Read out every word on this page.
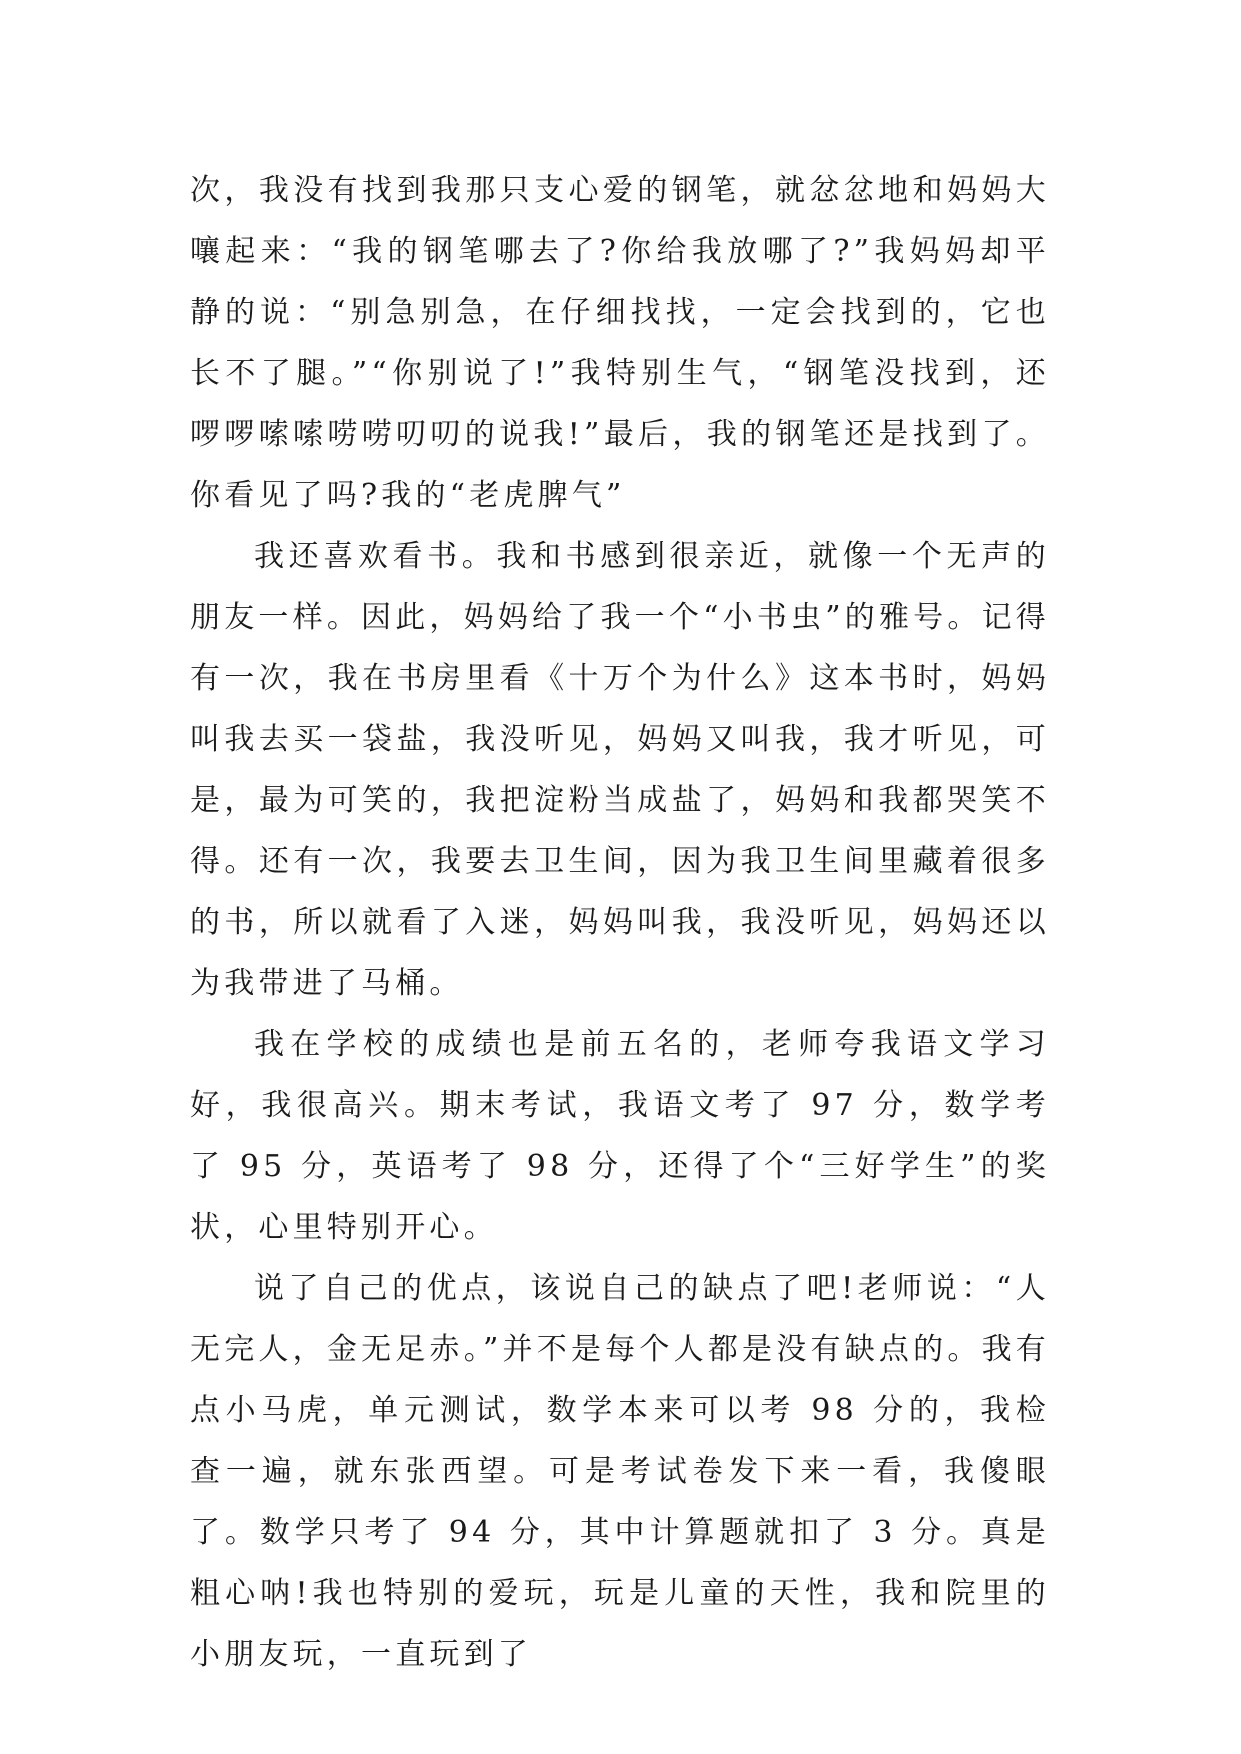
次，我没有找到我那只支心爱的钢笔，就忿忿地和妈妈大嚷起来：“我的钢笔哪去了?你给我放哪了?”我妈妈却平静的说：“别急别急，在仔细找找，一定会找到的，它也长不了腿。”“你别说了!”我特别生气，“钢笔没找到，还啰啰嗦嗦唠唠叨叨的说我!”最后，我的钢笔还是找到了。你看见了吗?我的“老虎脾气”

我还喜欢看书。我和书感到很亲近，就像一个无声的朋友一样。因此，妈妈给了我一个“小书虫”的雅号。记得有一次，我在书房里看《十万个为什么》这本书时，妈妈叫我去买一袋盐，我没听见，妈妈又叫我，我才听见，可是，最为可笑的，我把淀粉当成盐了，妈妈和我都哭笑不得。还有一次，我要去卫生间，因为我卫生间里藏着很多的书，所以就看了入迷，妈妈叫我，我没听见，妈妈还以为我带进了马桶。

我在学校的成绩也是前五名的，老师夸我语文学习好，我很高兴。期末考试，我语文考了 97 分，数学考了 95 分，英语考了 98 分，还得了个“三好学生”的奖状，心里特别开心。

说了自己的优点，该说自己的缺点了吧!老师说：“人无完人，金无足赤。”并不是每个人都是没有缺点的。我有点小马虎，单元测试，数学本来可以考 98 分的，我检查一遍，就东张西望。可是考试卷发下来一看，我傻眼了。数学只考了 94 分，其中计算题就扣了 3 分。真是粗心呐!我也特别的爱玩，玩是儿童的天性，我和院里的小朋友玩，一直玩到了
